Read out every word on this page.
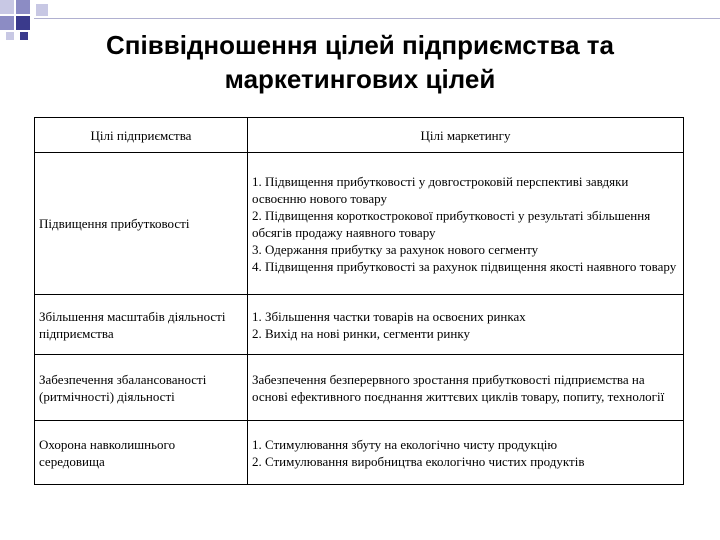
Співвідношення цілей підприємства та
маркетингових цілей
Цілі підприємства	Цілі маркетингу
Підвищення прибутковості	1. Підвищення прибутковості у довгостроковій перспективі завдяки освоєнню нового товару
2. Підвищення короткострокової прибутковості у результаті збільшення обсягів продажу наявного товару
3. Одержання прибутку за рахунок нового сегменту
4. Підвищення прибутковості за рахунок підвищення якості наявного товару

Збільшення масштабів діяльності підприємства	1. Збільшення частки товарів на освоєних ринках
2. Вихід на нові ринки, сегменти ринку

Забезпечення збалансованості (ритмічності) діяльності	Забезпечення безперервного зростання прибутковості підприємства на основі ефективного поєднання життєвих циклів товару, попиту, технології

Охорона навколишнього середовища	1. Стимулювання збуту на екологічно чисту продукцію
2. Стимулювання виробництва екологічно чистих продуктів
